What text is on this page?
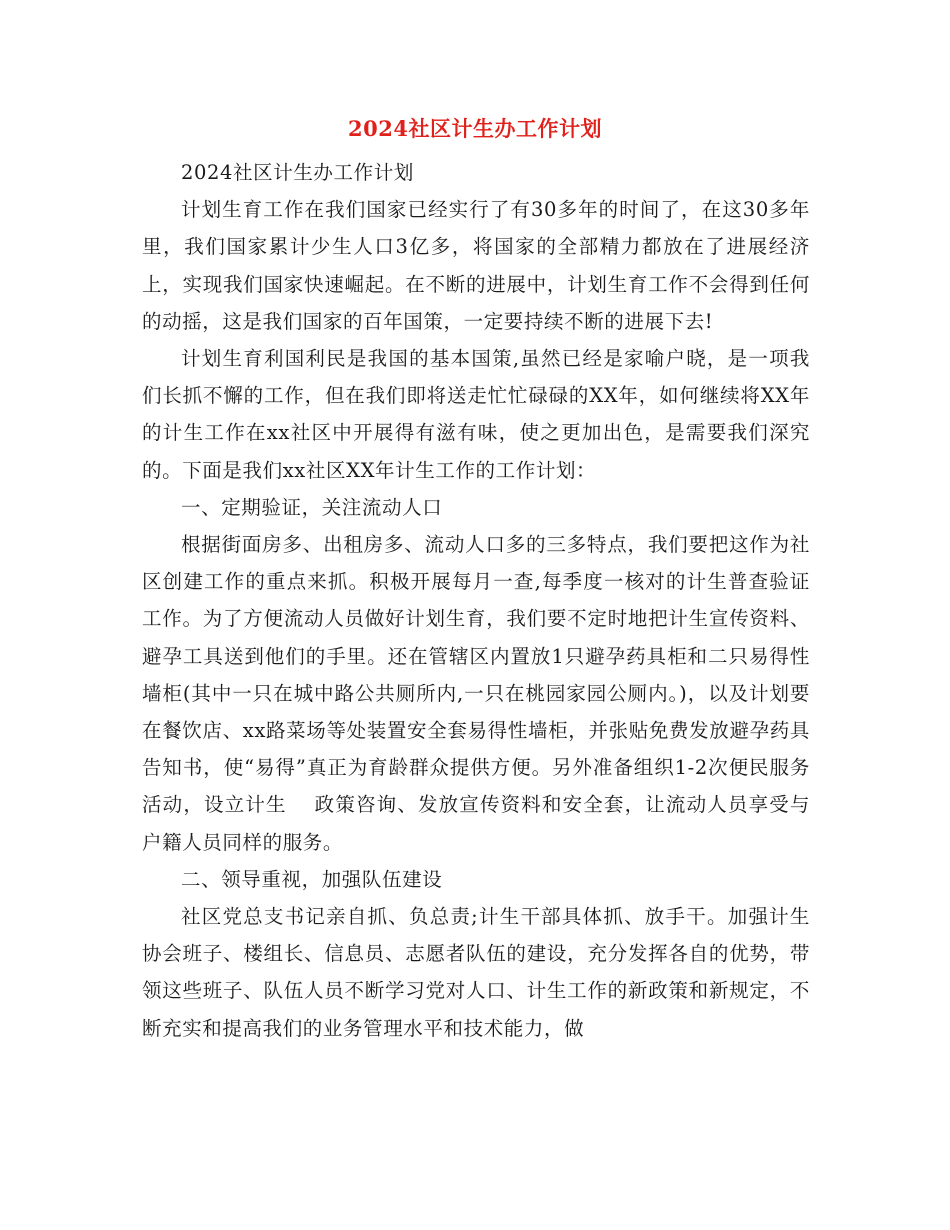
2024社区计生办工作计划

2024社区计生办工作计划

计划生育工作在我们国家已经实行了有30多年的时间了，在这30多年里，我们国家累计少生人口3亿多，将国家的全部精力都放在了进展经济上，实现我们国家快速崛起。在不断的进展中，计划生育工作不会得到任何的动摇，这是我们国家的百年国策，一定要持续不断的进展下去!

计划生育利国利民是我国的基本国策,虽然已经是家喻户晓，是一项我们长抓不懈的工作，但在我们即将送走忙忙碌碌的XX年，如何继续将XX年的计生工作在xx社区中开展得有滋有味，使之更加出色，是需要我们深究的。下面是我们xx社区XX年计生工作的工作计划：

一、定期验证，关注流动人口

根据街面房多、出租房多、流动人口多的三多特点，我们要把这作为社区创建工作的重点来抓。积极开展每月一查,每季度一核对的计生普查验证工作。为了方便流动人员做好计划生育，我们要不定时地把计生宣传资料、避孕工具送到他们的手里。还在管辖区内置放1只避孕药具柜和二只易得性墙柜(其中一只在城中路公共厕所内,一只在桃园家园公厕内。)，以及计划要在餐饮店、xx路菜场等处装置安全套易得性墙柜，并张贴免费发放避孕药具告知书，使“易得”真正为育龄群众提供方便。另外准备组织1-2次便民服务活动，设立计生　 政策咨询、发放宣传资料和安全套，让流动人员享受与户籍人员同样的服务。

二、领导重视，加强队伍建设

社区党总支书记亲自抓、负总责;计生干部具体抓、放手干。加强计生协会班子、楼组长、信息员、志愿者队伍的建设，充分发挥各自的优势，带领这些班子、队伍人员不断学习党对人口、计生工作的新政策和新规定，不断充实和提高我们的业务管理水平和技术能力，做
